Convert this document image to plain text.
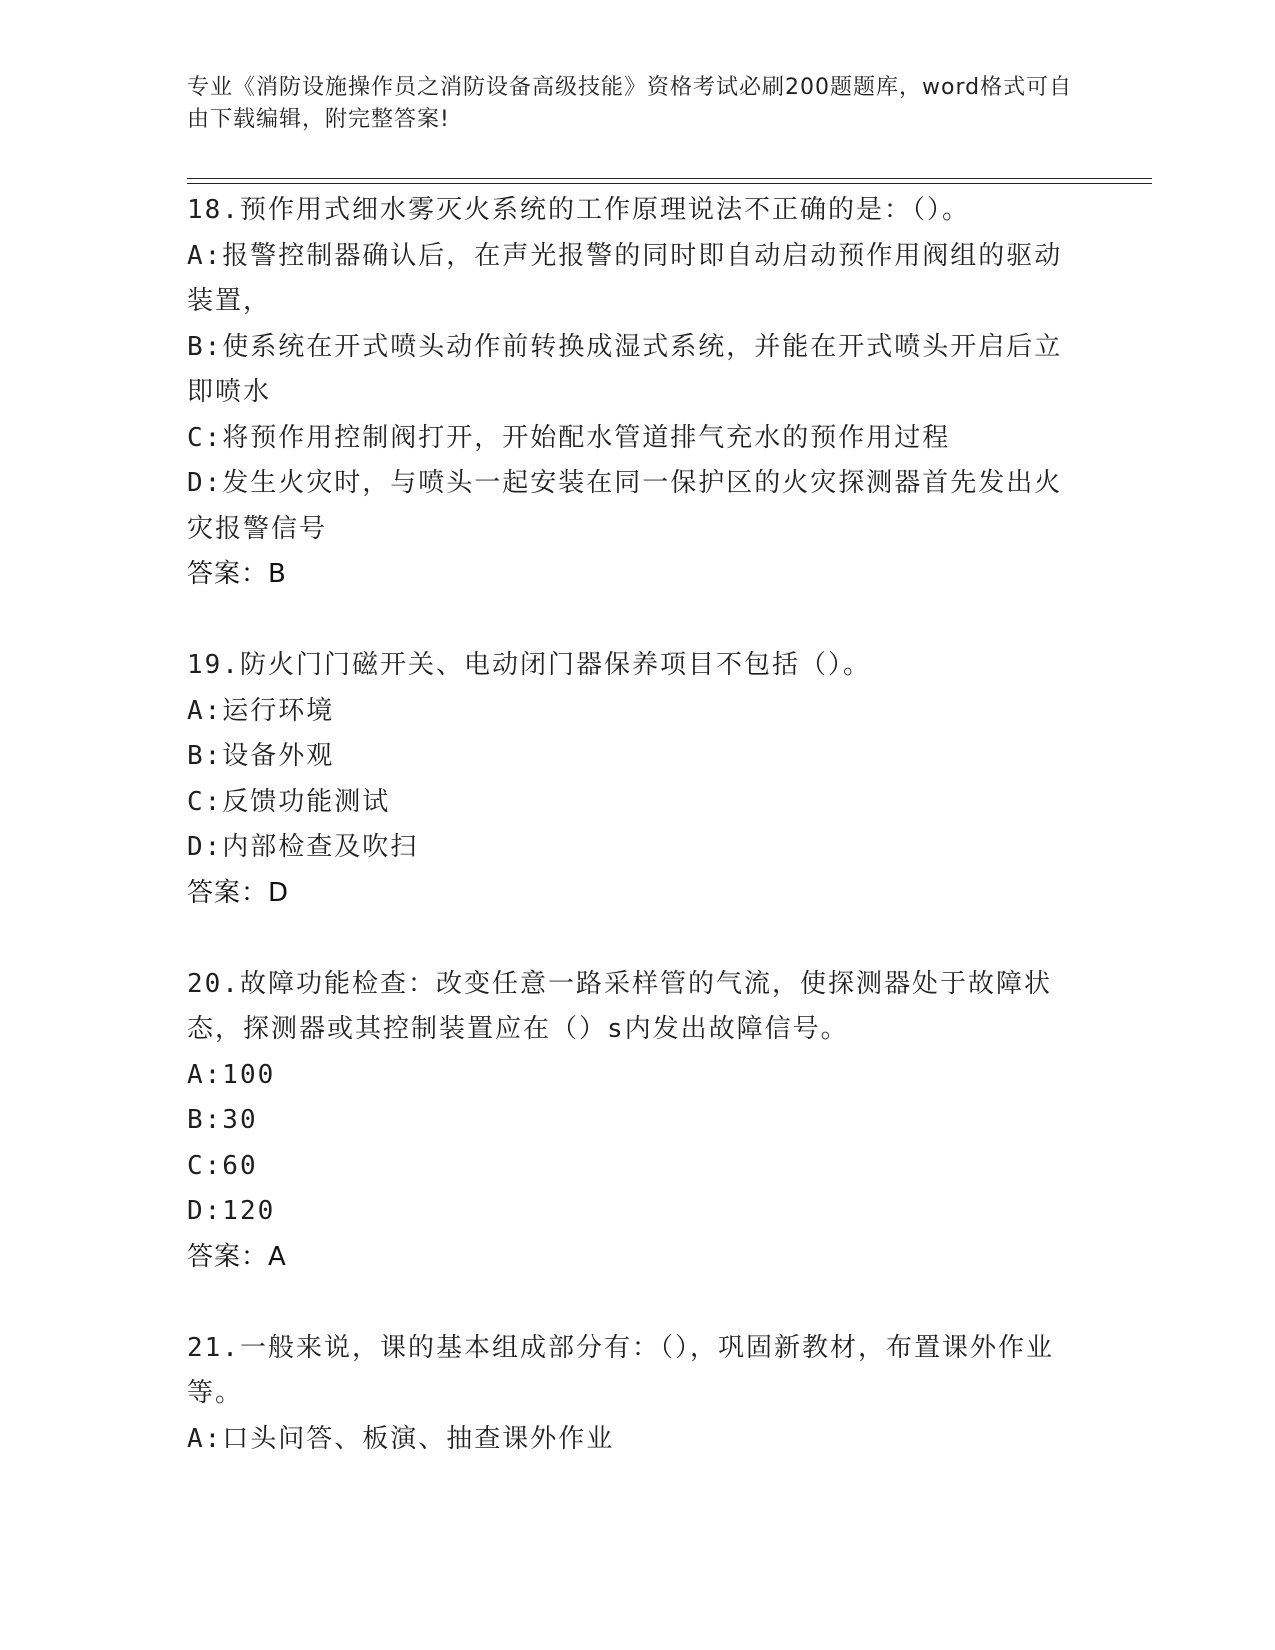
专业《消防设施操作员之消防设备高级技能》资格考试必刷200题题库，word格式可自由下载编辑，附完整答案!

18.预作用式细水雾灭火系统的工作原理说法不正确的是：（）。

A:报警控制器确认后，在声光报警的同时即自动启动预作用阀组的驱动装置，

B:使系统在开式喷头动作前转换成湿式系统，并能在开式喷头开启后立即喷水

C:将预作用控制阀打开，开始配水管道排气充水的预作用过程

D:发生火灾时，与喷头一起安装在同一保护区的火灾探测器首先发出火灾报警信号

答案：B

19.防火门门磁开关、电动闭门器保养项目不包括（）。

A:运行环境

B:设备外观

C:反馈功能测试

D:内部检查及吹扫

答案：D

20.故障功能检查：改变任意一路采样管的气流，使探测器处于故障状态，探测器或其控制装置应在（）s内发出故障信号。

A:100

B:30

C:60

D:120

答案：A

21.一般来说，课的基本组成部分有：（），巩固新教材，布置课外作业等。

A:口头问答、板演、抽查课外作业
